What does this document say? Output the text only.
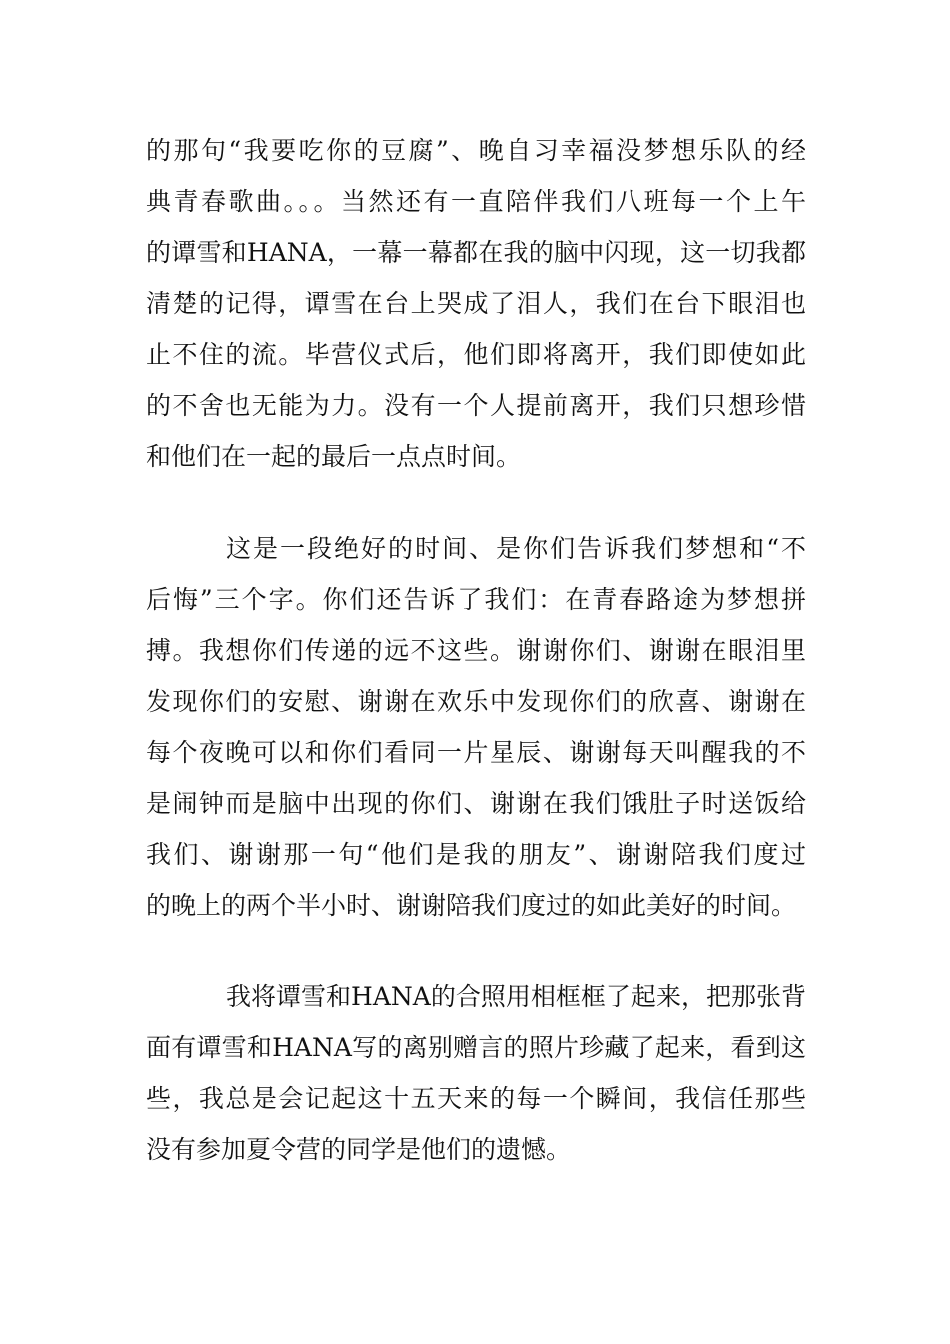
的那句“我要吃你的豆腐”、晚自习幸福没梦想乐队的经
典青春歌曲。。。当然还有一直陪伴我们八班每一个上午
的谭雪和HANA，一幕一幕都在我的脑中闪现，这一切我都
清楚的记得，谭雪在台上哭成了泪人，我们在台下眼泪也
止不住的流。毕营仪式后，他们即将离开，我们即使如此
的不舍也无能为力。没有一个人提前离开，我们只想珍惜
和他们在一起的最后一点点时间。
这是一段绝好的时间、是你们告诉我们梦想和“不
后悔”三个字。你们还告诉了我们：在青春路途为梦想拼
搏。我想你们传递的远不这些。谢谢你们、谢谢在眼泪里
发现你们的安慰、谢谢在欢乐中发现你们的欣喜、谢谢在
每个夜晚可以和你们看同一片星辰、谢谢每天叫醒我的不
是闹钟而是脑中出现的你们、谢谢在我们饿肚子时送饭给
我们、谢谢那一句“他们是我的朋友”、谢谢陪我们度过
的晚上的两个半小时、谢谢陪我们度过的如此美好的时间。
我将谭雪和HANA的合照用相框框了起来，把那张背
面有谭雪和HANA写的离别赠言的照片珍藏了起来，看到这
些，我总是会记起这十五天来的每一个瞬间，我信任那些
没有参加夏令营的同学是他们的遗憾。
